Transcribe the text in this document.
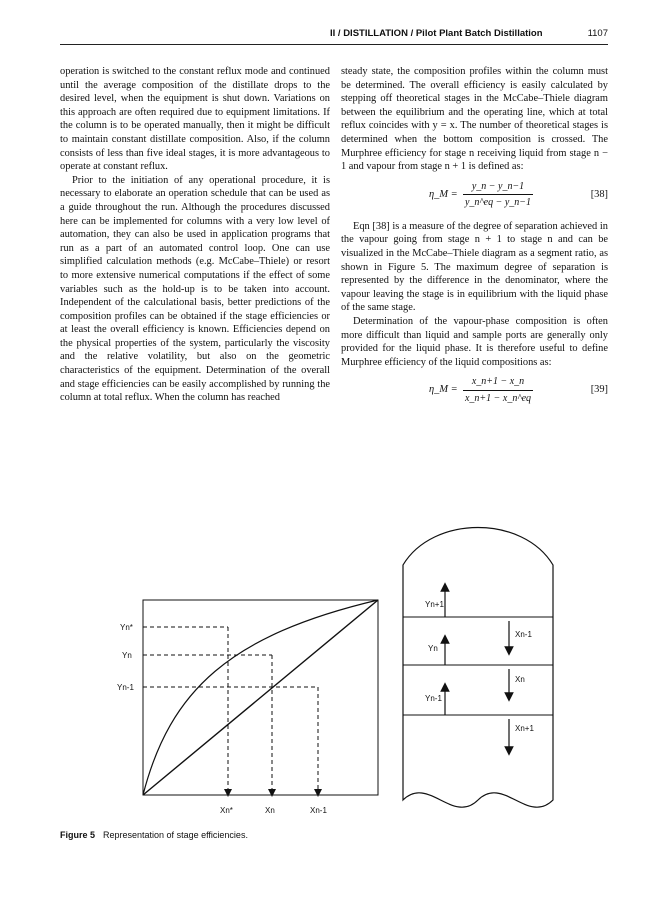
II / DISTILLATION / Pilot Plant Batch Distillation	1107

operation is switched to the constant reflux mode and continued until the average composition of the distillate drops to the desired level, when the equipment is shut down. Variations on this approach are often required due to equipment limitations. If the column is to be operated manually, then it might be difficult to maintain constant distillate composition. Also, if the column consists of less than five ideal stages, it is more advantageous to operate at constant reflux.

Prior to the initiation of any operational procedure, it is necessary to elaborate an operation schedule that can be used as a guide throughout the run. Although the procedures discussed here can be implemented for columns with a very low level of automation, they can also be used in application programs that run as a part of an automated control loop. One can use simplified calculation methods (e.g. McCabe–Thiele) or resort to more extensive numerical computations if the effect of some variables such as the hold-up is to be taken into account. Independent of the calculational basis, better predictions of the composition profiles can be obtained if the stage efficiencies or at least the overall efficiency is known. Efficiencies depend on the physical properties of the system, particularly the viscosity and the relative volatility, but also on the geometric characteristics of the equipment. Determination of the overall and stage efficiencies can be easily accomplished by running the column at total reflux. When the column has reached

steady state, the composition profiles within the column must be determined. The overall efficiency is easily calculated by stepping off theoretical stages in the McCabe–Thiele diagram between the equilibrium and the operating line, which at total reflux coincides with y = x. The number of theoretical stages is determined when the bottom composition is crossed. The Murphree efficiency for stage n receiving liquid from stage n − 1 and vapour from stage n + 1 is defined as:

η_M = $\frac{y\_n - y\_n-1}{y\_n\^{}eq - y\_n-1}$	[38]

Eqn [38] is a measure of the degree of separation achieved in the vapour going from stage n + 1 to stage n and can be visualized in the McCabe–Thiele diagram as a segment ratio, as shown in Figure 5. The maximum degree of separation is represented by the difference in the denominator, where the vapour leaving the stage is in equilibrium with the liquid phase of the same stage.

Determination of the vapour-phase composition is often more difficult than liquid and sample ports are generally only provided for the liquid phase. It is therefore useful to define Murphree efficiency of the liquid compositions as:

η_M = $\frac{x\_n+1 - x\_n}{x\_n+1 - x\_n\^{}eq}$	[39]
Yn*
Yn
Yn-1
Xn*	Xn	Xn-1
Yn+1
Xn-1
Yn
Xn
Yn-1
Xn+1
Figure 5 Representation of stage efficiencies.
